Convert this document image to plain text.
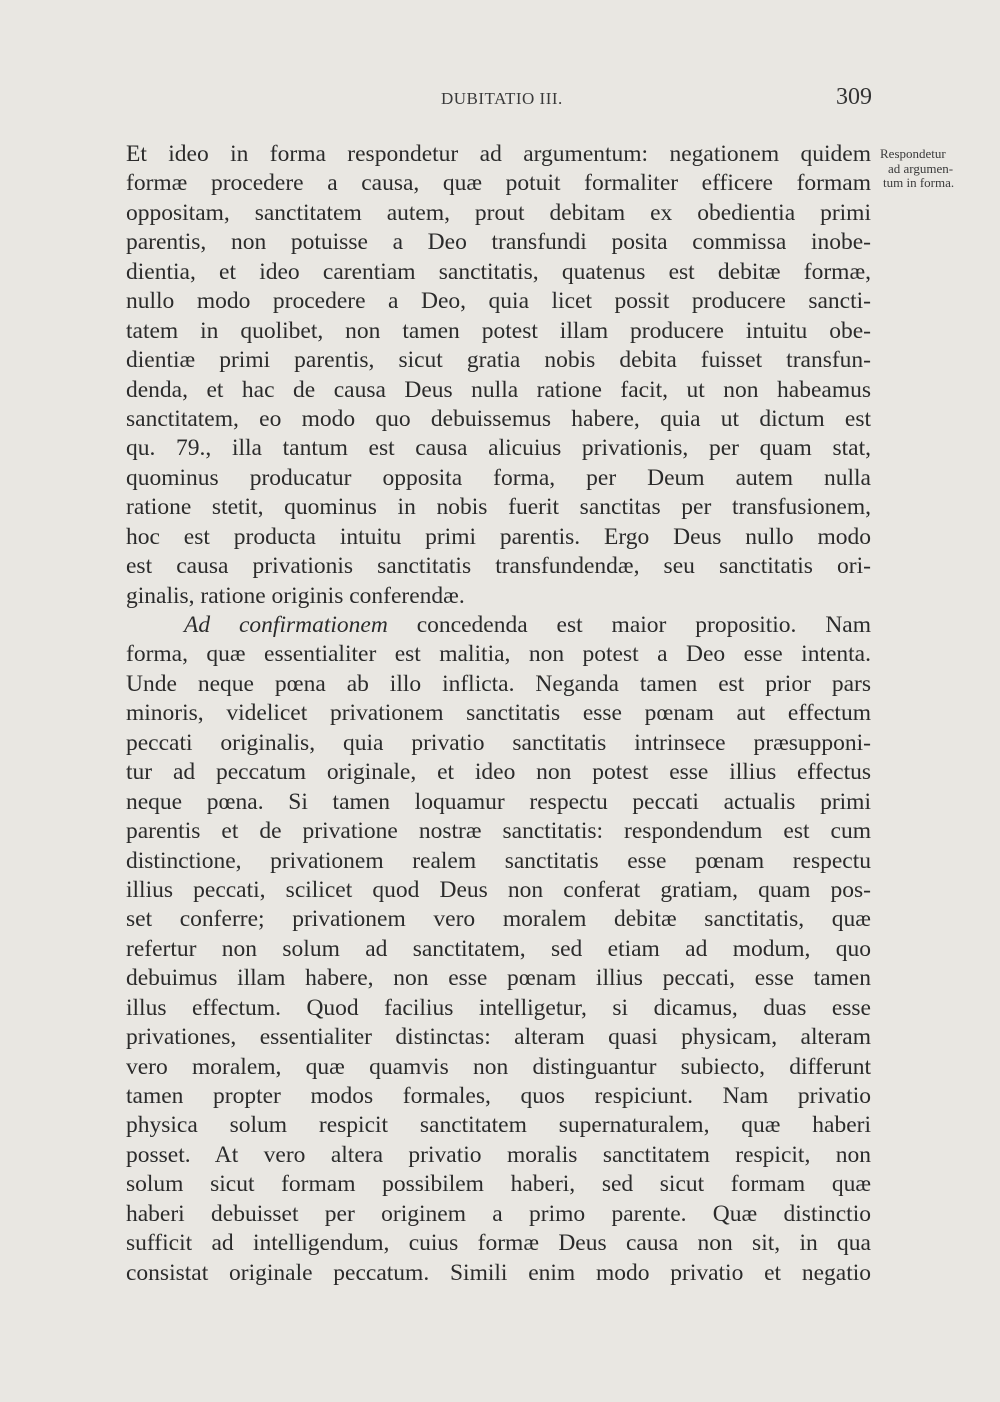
DUBITATIO III.	309
Respondetur
ad argumen-
tum in forma.
Et ideo in forma respondetur ad argumentum: negationem quidem
formæ procedere a causa, quæ potuit formaliter efficere formam
oppositam, sanctitatem autem, prout debitam ex obedientia primi
parentis, non potuisse a Deo transfundi posita commissa inobe-
dientia, et ideo carentiam sanctitatis, quatenus est debitæ formæ,
nullo modo procedere a Deo, quia licet possit producere sancti-
tatem in quolibet, non tamen potest illam producere intuitu obe-
dientiæ primi parentis, sicut gratia nobis debita fuisset transfun-
denda, et hac de causa Deus nulla ratione facit, ut non habeamus
sanctitatem, eo modo quo debuissemus habere, quia ut dictum est
qu. 79., illa tantum est causa alicuius privationis, per quam stat,
quominus producatur opposita forma, per Deum autem nulla
ratione stetit, quominus in nobis fuerit sanctitas per transfusionem,
hoc est producta intuitu primi parentis. Ergo Deus nullo modo
est causa privationis sanctitatis transfundendæ, seu sanctitatis ori-
ginalis, ratione originis conferendæ.
Ad confirmationem concedenda est maior propositio. Nam
forma, quæ essentialiter est malitia, non potest a Deo esse intenta.
Unde neque pœna ab illo inflicta. Neganda tamen est prior pars
minoris, videlicet privationem sanctitatis esse pœnam aut effectum
peccati originalis, quia privatio sanctitatis intrinsece præsupponi-
tur ad peccatum originale, et ideo non potest esse illius effectus
neque pœna. Si tamen loquamur respectu peccati actualis primi
parentis et de privatione nostræ sanctitatis: respondendum est cum
distinctione, privationem realem sanctitatis esse pœnam respectu
illius peccati, scilicet quod Deus non conferat gratiam, quam pos-
set conferre; privationem vero moralem debitæ sanctitatis, quæ
refertur non solum ad sanctitatem, sed etiam ad modum, quo
debuimus illam habere, non esse pœnam illius peccati, esse tamen
illus effectum. Quod facilius intelligetur, si dicamus, duas esse
privationes, essentialiter distinctas: alteram quasi physicam, alteram
vero moralem, quæ quamvis non distinguantur subiecto, differunt
tamen propter modos formales, quos respiciunt. Nam privatio
physica solum respicit sanctitatem supernaturalem, quæ haberi
posset. At vero altera privatio moralis sanctitatem respicit, non
solum sicut formam possibilem haberi, sed sicut formam quæ
haberi debuisset per originem a primo parente. Quæ distinctio
sufficit ad intelligendum, cuius formæ Deus causa non sit, in qua
consistat originale peccatum. Simili enim modo privatio et negatio
